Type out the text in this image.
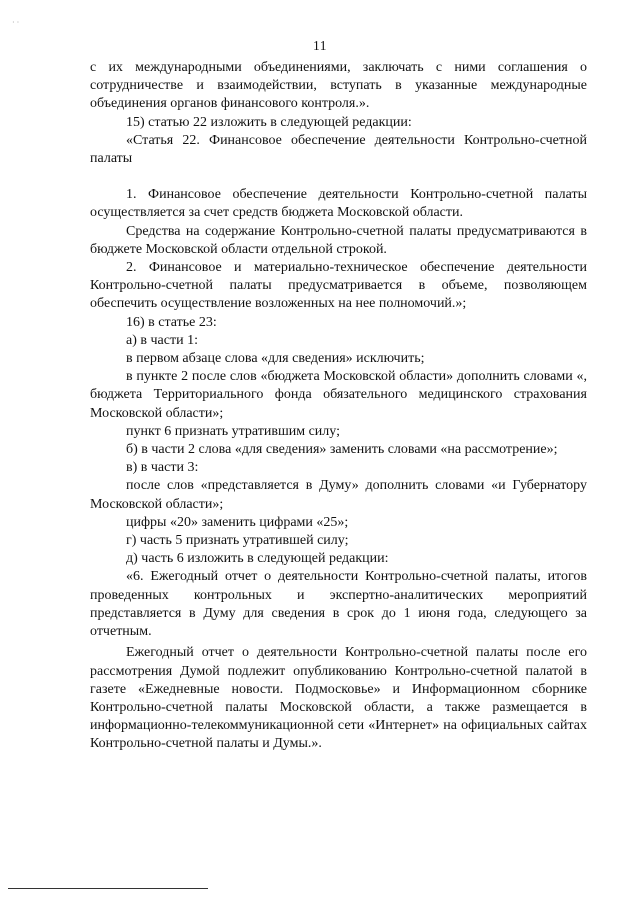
· ·
11

с их международными объединениями, заключать с ними соглашения о сотрудничестве и взаимодействии, вступать в указанные международные объединения органов финансового контроля.».

15) статью 22 изложить в следующей редакции:

«Статья 22. Финансовое обеспечение деятельности Контрольно-счетной палаты

1. Финансовое обеспечение деятельности Контрольно-счетной палаты осуществляется за счет средств бюджета Московской области.

Средства на содержание Контрольно-счетной палаты предусматриваются в бюджете Московской области отдельной строкой.

2. Финансовое и материально-техническое обеспечение деятельности Контрольно-счетной палаты предусматривается в объеме, позволяющем обеспечить осуществление возложенных на нее полномочий.»;

16) в статье 23:

а) в части 1:

в первом абзаце слова «для сведения» исключить;

в пункте 2 после слов «бюджета Московской области» дополнить словами «, бюджета Территориального фонда обязательного медицинского страхования Московской области»;

пункт 6 признать утратившим силу;

б) в части 2 слова «для сведения» заменить словами «на рассмотрение»;

в) в части 3:

после слов «представляется в Думу» дополнить словами «и Губернатору Московской области»;

цифры «20» заменить цифрами «25»;

г) часть 5 признать утратившей силу;

д) часть 6 изложить в следующей редакции:

«6. Ежегодный отчет о деятельности Контрольно-счетной палаты, итогов проведенных контрольных и экспертно-аналитических мероприятий представляется в Думу для сведения в срок до 1 июня года, следующего за отчетным.

Ежегодный отчет о деятельности Контрольно-счетной палаты после его рассмотрения Думой подлежит опубликованию Контрольно-счетной палатой в газете «Ежедневные новости. Подмосковье» и Информационном сборнике Контрольно-счетной палаты Московской области, а также размещается в информационно-телекоммуникационной сети «Интернет» на официальных сайтах Контрольно-счетной палаты и Думы.».
